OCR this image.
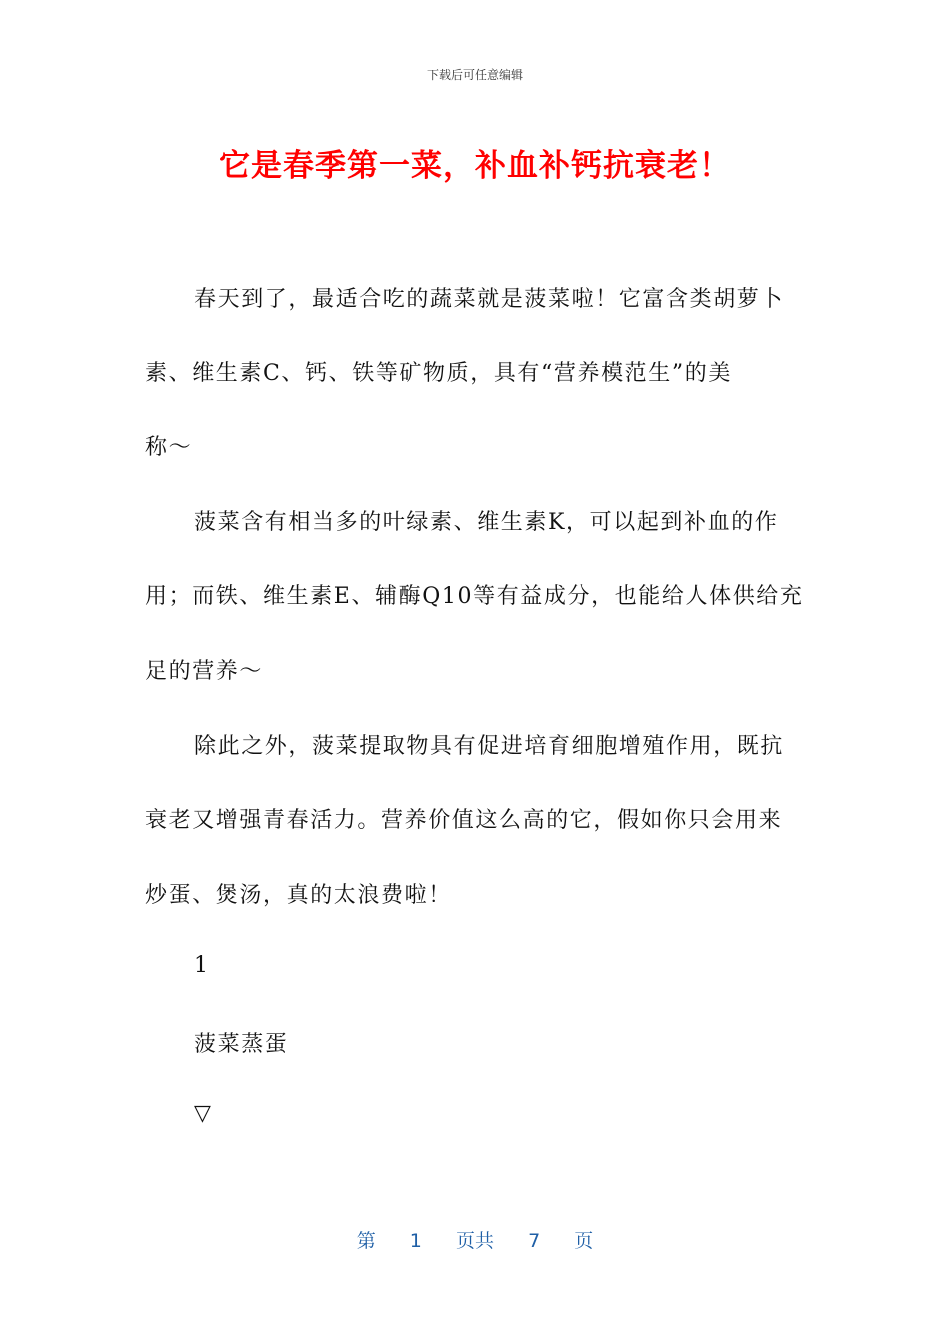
下载后可任意编辑
它是春季第一菜，补血补钙抗衰老！
春天到了，最适合吃的蔬菜就是菠菜啦！它富含类胡萝卜
素、维生素C、钙、铁等矿物质，具有“营养模范生”的美
称～
菠菜含有相当多的叶绿素、维生素K，可以起到补血的作
用；而铁、维生素E、辅酶Q10等有益成分，也能给人体供给充
足的营养～
除此之外，菠菜提取物具有促进培育细胞增殖作用，既抗
衰老又增强青春活力。营养价值这么高的它，假如你只会用来
炒蛋、煲汤，真的太浪费啦！
1
菠菜蒸蛋
▽
第 1 页共 7 页
